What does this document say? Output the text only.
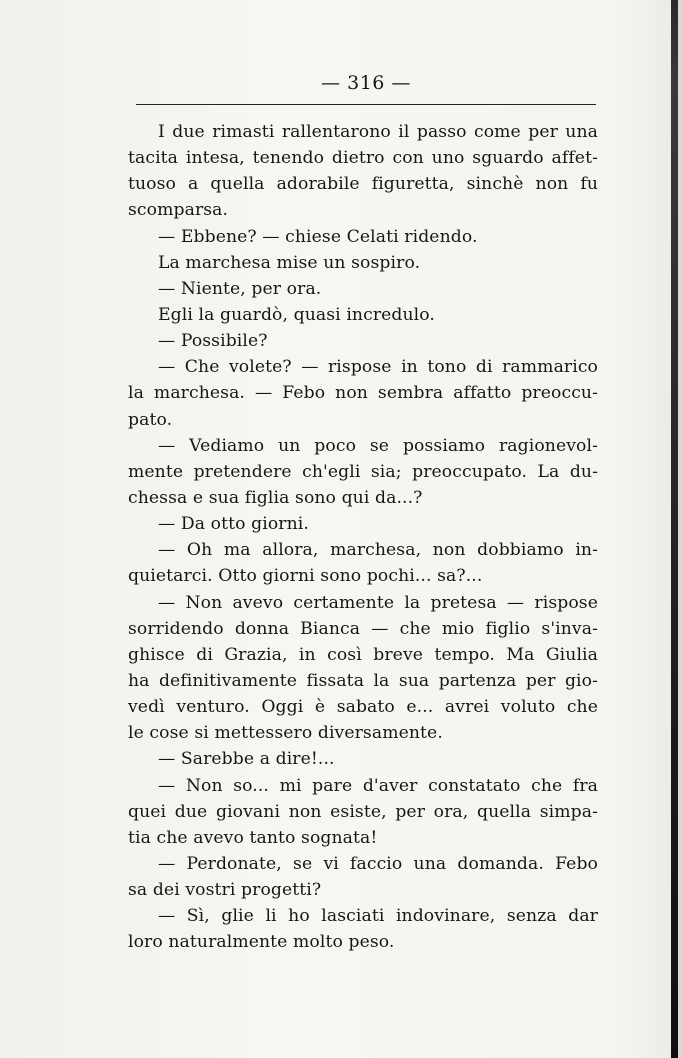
— 316 —
I due rimasti rallentarono il passo come per una
tacita intesa, tenendo dietro con uno sguardo affet-
tuoso a quella adorabile figuretta, sinchè non fu
scomparsa.
— Ebbene? — chiese Celati ridendo.
La marchesa mise un sospiro.
— Niente, per ora.
Egli la guardò, quasi incredulo.
— Possibile?
— Che volete? — rispose in tono di rammarico
la marchesa. — Febo non sembra affatto preoccu-
pato.
— Vediamo un poco se possiamo ragionevol-
mente pretendere ch'egli sia; preoccupato. La du-
chessa e sua figlia sono qui da...?
— Da otto giorni.
— Oh ma allora, marchesa, non dobbiamo in-
quietarci. Otto giorni sono pochi... sa?...
— Non avevo certamente la pretesa — rispose
sorridendo donna Bianca — che mio figlio s'inva-
ghisce di Grazia, in così breve tempo. Ma Giulia
ha definitivamente fissata la sua partenza per gio-
vedì venturo. Oggi è sabato e... avrei voluto che
le cose si mettessero diversamente.
— Sarebbe a dire!...
— Non so... mi pare d'aver constatato che fra
quei due giovani non esiste, per ora, quella simpa-
tia che avevo tanto sognata!
— Perdonate, se vi faccio una domanda. Febo
sa dei vostri progetti?
— Sì, glie li ho lasciati indovinare, senza dar
loro naturalmente molto peso.
